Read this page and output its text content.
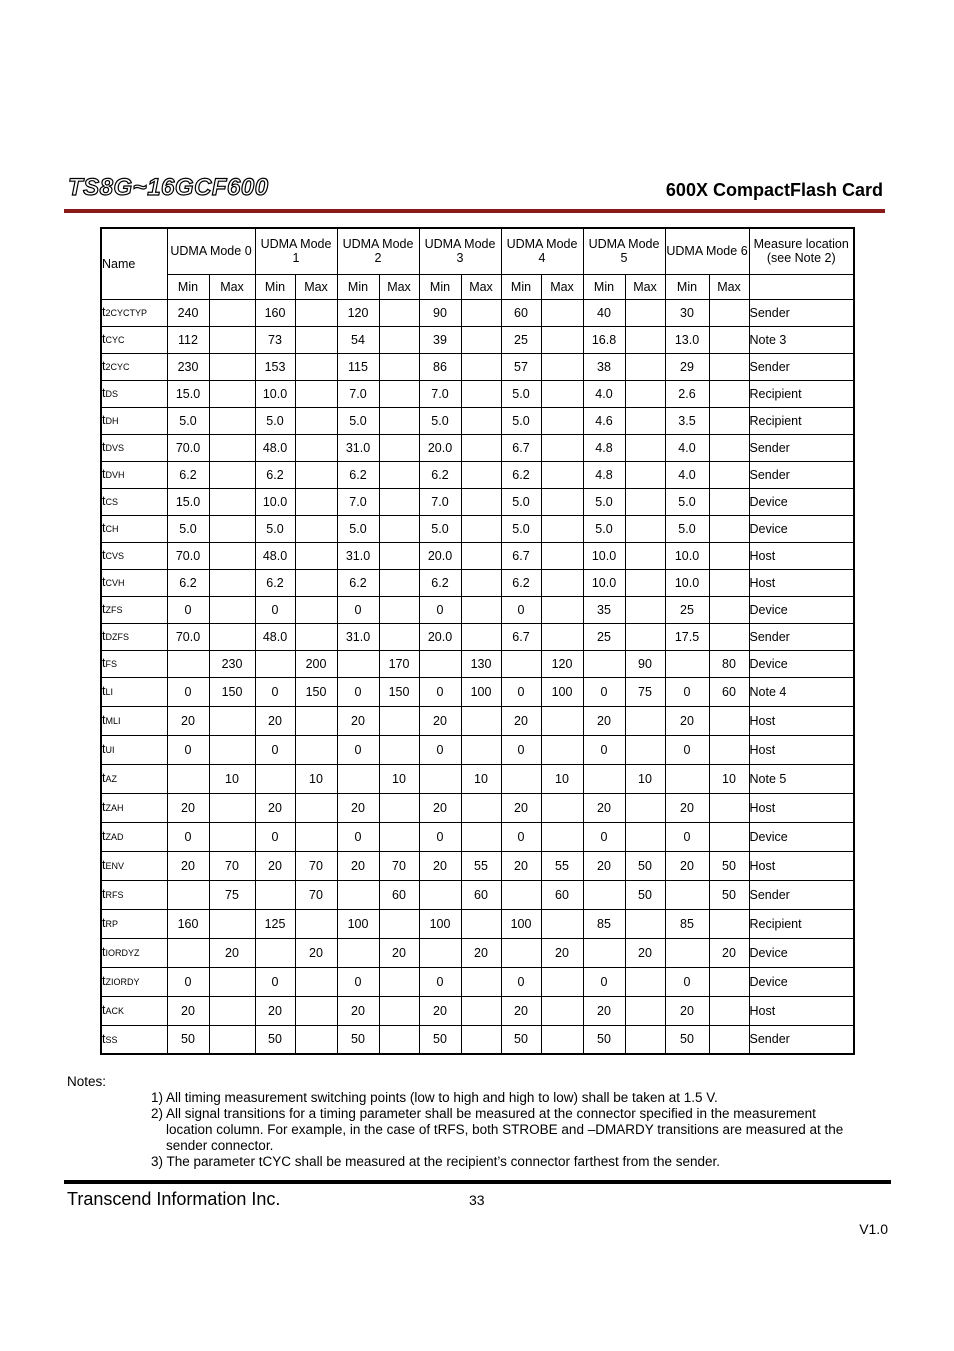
TS8G~16GCF600	600X CompactFlash Card
Name	UDMA Mode 0		UDMA Mode 1		UDMA Mode 2		UDMA Mode 3		UDMA Mode 4		UDMA Mode 5		UDMA Mode 6		Measure location (see Note 2)
	Min	Max	Min	Max	Min	Max	Min	Max	Min	Max	Min	Max	Min	Max	
t2CYCTYP	240		160		120		90		60		40		30		Sender
tCYC	112		73		54		39		25		16.8		13.0		Note 3
t2CYC	230		153		115		86		57		38		29		Sender
tDS	15.0		10.0		7.0		7.0		5.0		4.0		2.6		Recipient
tDH	5.0		5.0		5.0		5.0		5.0		4.6		3.5		Recipient
tDVS	70.0		48.0		31.0		20.0		6.7		4.8		4.0		Sender
tDVH	6.2		6.2		6.2		6.2		6.2		4.8		4.0		Sender
tCS	15.0		10.0		7.0		7.0		5.0		5.0		5.0		Device
tCH	5.0		5.0		5.0		5.0		5.0		5.0		5.0		Device
tCVS	70.0		48.0		31.0		20.0		6.7		10.0		10.0		Host
tCVH	6.2		6.2		6.2		6.2		6.2		10.0		10.0		Host
tZFS	0		0		0		0		0		35		25		Device
tDZFS	70.0		48.0		31.0		20.0		6.7		25		17.5		Sender
tFS		230		200		170		130		120		90		80	Device
tLI	0	150	0	150	0	150	0	100	0	100	0	75	0	60	Note 4
tMLI	20		20		20		20		20		20		20		Host
tUI	0		0		0		0		0		0		0		Host
tAZ		10		10		10		10		10		10		10	Note 5
tZAH	20		20		20		20		20		20		20		Host
tZAD	0		0		0		0		0		0		0		Device
tENV	20	70	20	70	20	70	20	55	20	55	20	50	20	50	Host
tRFS		75		70		60		60		60		50		50	Sender
tRP	160		125		100		100		100		85		85		Recipient
tIORDYZ		20		20		20		20		20		20		20	Device
tZIORDY	0		0		0		0		0		0		0		Device
tACK	20		20		20		20		20		20		20		Host
tSS	50		50		50		50		50		50		50		Sender
Notes:
1) All timing measurement switching points (low to high and high to low) shall be taken at 1.5 V.
2) All signal transitions for a timing parameter shall be measured at the connector specified in the measurement location column. For example, in the case of tRFS, both STROBE and –DMARDY transitions are measured at the sender connector.
3) The parameter tCYC shall be measured at the recipient’s connector farthest from the sender.
Transcend Information Inc.	33
V1.0
